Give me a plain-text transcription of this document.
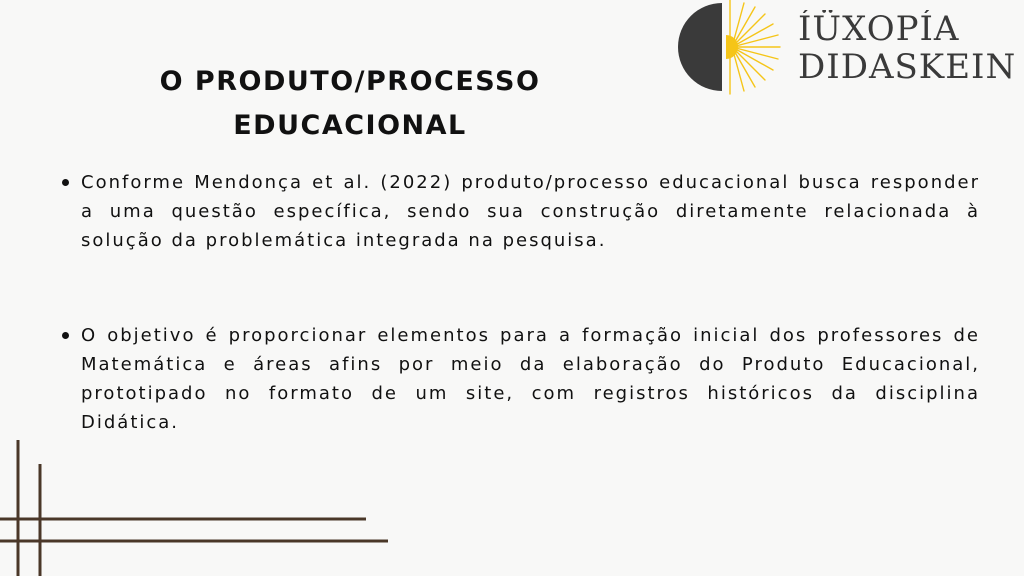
ÍÜXOPÍA
DIDASKEIN
O PRODUTO/PROCESSO
EDUCACIONAL
Conforme Mendonça et al. (2022) produto/processo educacional busca responder a uma questão específica, sendo sua construção diretamente relacionada à solução da problemática integrada na pesquisa.
O objetivo é proporcionar elementos para a formação inicial dos professores de Matemática e áreas afins por meio da elaboração do Produto Educacional, prototipado no formato de um site, com registros históricos da disciplina Didática.
